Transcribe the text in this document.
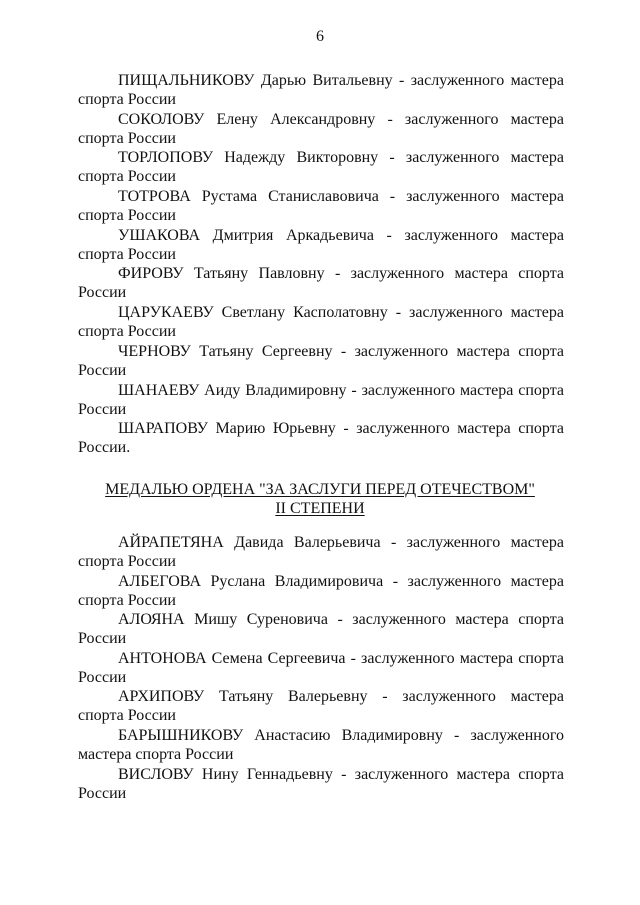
6

ПИЩАЛЬНИКОВУ Дарью Витальевну - заслуженного мастера
спорта России

СОКОЛОВУ Елену Александровну - заслуженного мастера
спорта России

ТОРЛОПОВУ Надежду Викторовну - заслуженного мастера
спорта России

ТОТРОВА Рустама Станиславовича - заслуженного мастера
спорта России

УШАКОВА Дмитрия Аркадьевича - заслуженного мастера
спорта России

ФИРОВУ Татьяну Павловну - заслуженного мастера спорта
России

ЦАРУКАЕВУ Светлану Касполатовну - заслуженного мастера
спорта России

ЧЕРНОВУ Татьяну Сергеевну - заслуженного мастера спорта
России

ШАНАЕВУ Аиду Владимировну - заслуженного мастера спорта
России

ШАРАПОВУ Марию Юрьевну - заслуженного мастера спорта
России.

МЕДАЛЬЮ ОРДЕНА "ЗА ЗАСЛУГИ ПЕРЕД ОТЕЧЕСТВОМ"
II СТЕПЕНИ

АЙРАПЕТЯНА Давида Валерьевича - заслуженного мастера
спорта России

АЛБЕГОВА Руслана Владимировича - заслуженного мастера
спорта России

АЛОЯНА Мишу Суреновича - заслуженного мастера спорта
России

АНТОНОВА Семена Сергеевича - заслуженного мастера спорта
России

АРХИПОВУ Татьяну Валерьевну - заслуженного мастера
спорта России

БАРЫШНИКОВУ Анастасию Владимировну - заслуженного
мастера спорта России

ВИСЛОВУ Нину Геннадьевну - заслуженного мастера спорта
России
